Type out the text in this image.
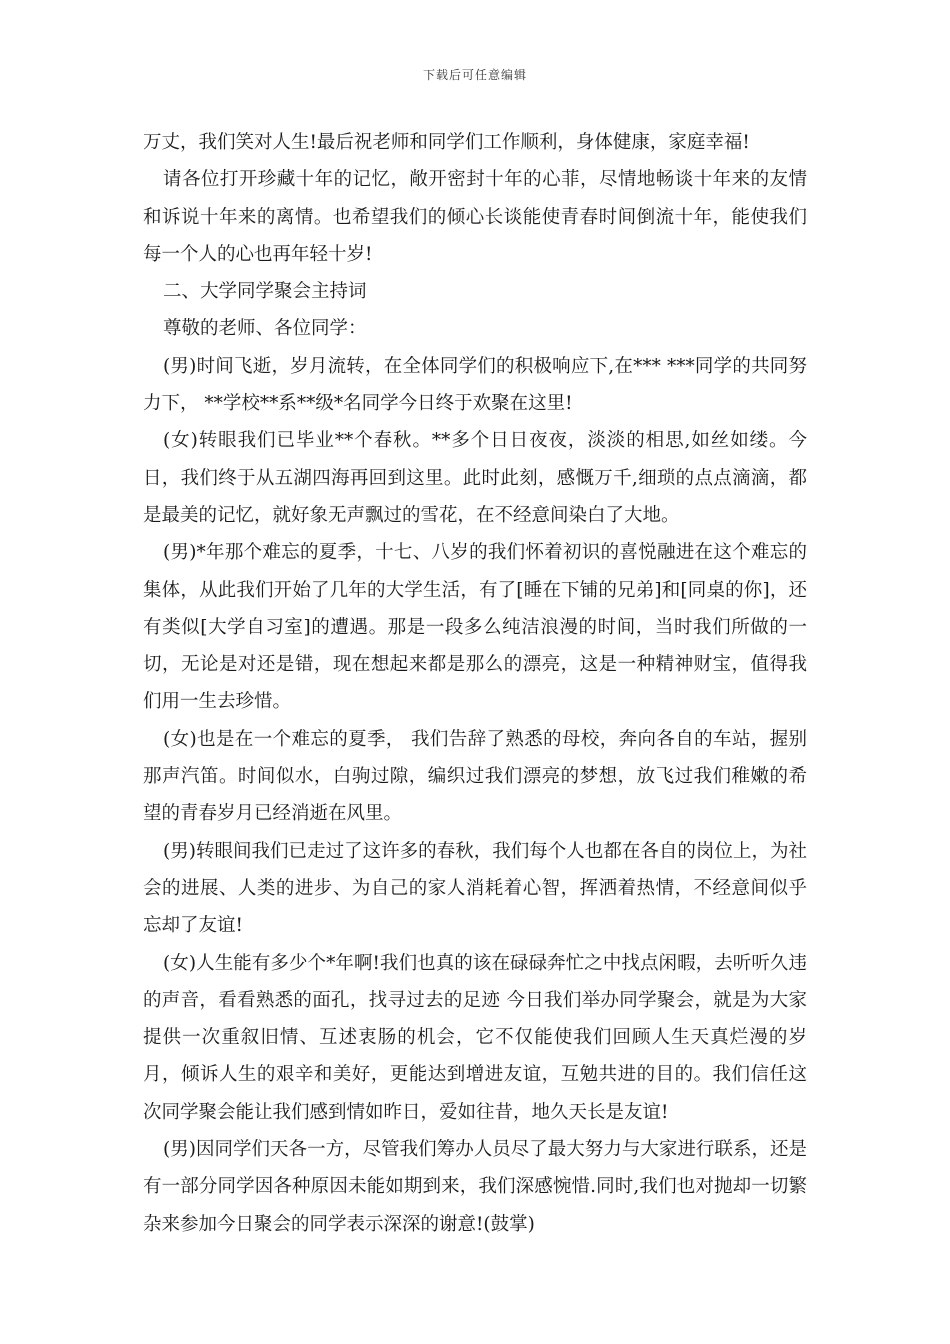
下载后可任意编辑

万丈，我们笑对人生!最后祝老师和同学们工作顺利，身体健康，家庭幸福!

请各位打开珍藏十年的记忆，敞开密封十年的心菲，尽情地畅谈十年来的友情和诉说十年来的离情。也希望我们的倾心长谈能使青春时间倒流十年，能使我们每一个人的心也再年轻十岁!

二、大学同学聚会主持词

尊敬的老师、各位同学：

(男)时间飞逝，岁月流转，在全体同学们的积极响应下,在*** ***同学的共同努力下， **学校**系**级*名同学今日终于欢聚在这里!

(女)转眼我们已毕业**个春秋。**多个日日夜夜，淡淡的相思,如丝如缕。今日，我们终于从五湖四海再回到这里。此时此刻，感慨万千,细琐的点点滴滴，都是最美的记忆，就好象无声飘过的雪花，在不经意间染白了大地。

(男)*年那个难忘的夏季，十七、八岁的我们怀着初识的喜悦融进在这个难忘的集体，从此我们开始了几年的大学生活，有了[睡在下铺的兄弟]和[同桌的你]，还有类似[大学自习室]的遭遇。那是一段多么纯洁浪漫的时间，当时我们所做的一切，无论是对还是错，现在想起来都是那么的漂亮，这是一种精神财宝，值得我们用一生去珍惜。

(女)也是在一个难忘的夏季， 我们告辞了熟悉的母校，奔向各自的车站，握别那声汽笛。时间似水，白驹过隙，编织过我们漂亮的梦想，放飞过我们稚嫩的希望的青春岁月已经消逝在风里。

(男)转眼间我们已走过了这许多的春秋，我们每个人也都在各自的岗位上，为社会的进展、人类的进步、为自己的家人消耗着心智，挥洒着热情，不经意间似乎忘却了友谊!

(女)人生能有多少个*年啊!我们也真的该在碌碌奔忙之中找点闲暇，去听听久违的声音，看看熟悉的面孔，找寻过去的足迹 今日我们举办同学聚会，就是为大家提供一次重叙旧情、互述衷肠的机会，它不仅能使我们回顾人生天真烂漫的岁月，倾诉人生的艰辛和美好，更能达到增进友谊，互勉共进的目的。我们信任这次同学聚会能让我们感到情如昨日，爱如往昔，地久天长是友谊!

(男)因同学们天各一方，尽管我们筹办人员尽了最大努力与大家进行联系，还是有一部分同学因各种原因未能如期到来，我们深感惋惜.同时,我们也对抛却一切繁杂来参加今日聚会的同学表示深深的谢意!(鼓掌)
